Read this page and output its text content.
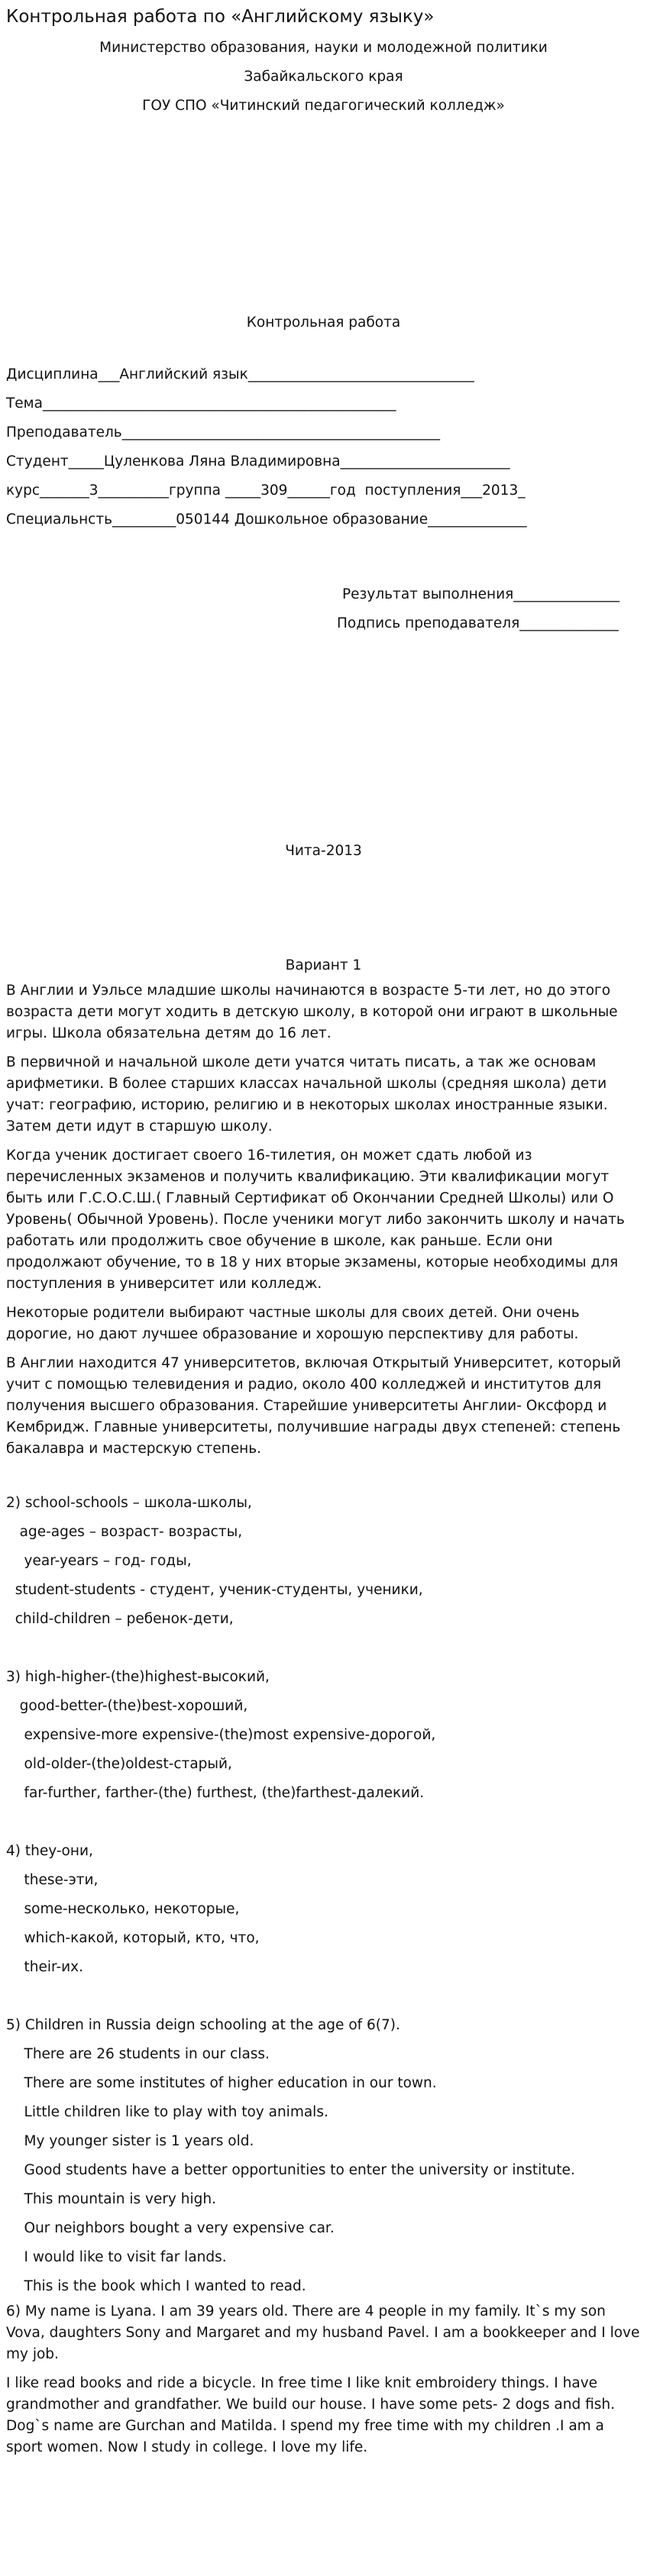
Контрольная работа по «Английскому языку»
Министерство образования, науки и молодежной политики
Забайкальского края
ГОУ СПО «Читинский педагогический колледж»
Контрольная работа
Дисциплина___Английский язык________________________________
Тема__________________________________________________
Преподаватель_____________________________________________
Студент_____Цуленкова Ляна Владимировна________________________
курс_______3__________группа _____309______год  поступления___2013_
Специальнсть_________050144 Дошкольное образование______________
Результат выполнения_______________
Подпись преподавателя______________
Чита-2013
Вариант 1

В Англии и Уэльсе младшие школы начинаются в возрасте 5-ти лет, но до этого возраста дети могут ходить в детскую школу, в которой они играют в школьные игры. Школа обязательна детям до 16 лет.

В первичной и начальной школе дети учатся читать писать, а так же основам арифметики. В более старших классах начальной школы (средняя школа) дети учат: географию, историю, религию и в некоторых школах иностранные языки. Затем дети идут в старшую школу.

Когда ученик достигает своего 16-тилетия, он может сдать любой из перечисленных экзаменов и получить квалификацию. Эти квалификации могут быть или Г.С.О.С.Ш.( Главный Сертификат об Окончании Средней Школы) или О Уровень( Обычной Уровень). После ученики могут либо закончить школу и начать работать или продолжить свое обучение в школе, как раньше. Если они продолжают обучение, то в 18 у них вторые экзамены, которые необходимы для поступления в университет или колледж.

Некоторые родители выбирают частные школы для своих детей. Они очень дорогие, но дают лучшее образование и хорошую перспективу для работы.

В Англии находится 47 университетов, включая Открытый Университет, который учит с помощью телевидения и радио, около 400 колледжей и институтов для получения высшего образования. Старейшие университеты Англии- Оксфорд и Кембридж. Главные университеты, получившие награды двух степеней: степень бакалавра и мастерскую степень.

2) school-schools – школа-школы,
age-ages – возраст- возрасты,
year-years – год- годы,
student-students - студент, ученик-студенты, ученики,
child-children – ребенок-дети,
3) high-higher-(the)highest-высокий,
good-better-(the)best-хороший,
expensive-more expensive-(the)most expensive-дорогой,
old-older-(the)oldest-старый,
far-further, farther-(the) furthest, (the)farthest-далекий.
4) they-они,
these-эти,
some-несколько, некоторые,
which-какой, который, кто, что,
their-их.
5) Children in Russia deign schooling at the age of 6(7).
There are 26 students in our class.
There are some institutes of higher education in our town.
Little children like to play with toy animals.
My younger sister is 1 years old.
Good students have a better opportunities to enter the university or institute.
This mountain is very high.
Our neighbors bought a very expensive car.
I would like to visit far lands.
This is the book which I wanted to read.

6) My name is Lyana. I am 39 years old. There are 4 people in my family. It`s my son Vova, daughters Sony and Margaret and my husband Pavel. I am a bookkeeper and I love my job.

I like read books and ride a bicycle. In free time I like knit embroidery things. I have grandmother and grandfather. We build our house. I have some pets- 2 dogs and fish. Dog`s name are Gurchan and Matilda. I spend my free time with my children .I am a sport women. Now I study in college. I love my life.
